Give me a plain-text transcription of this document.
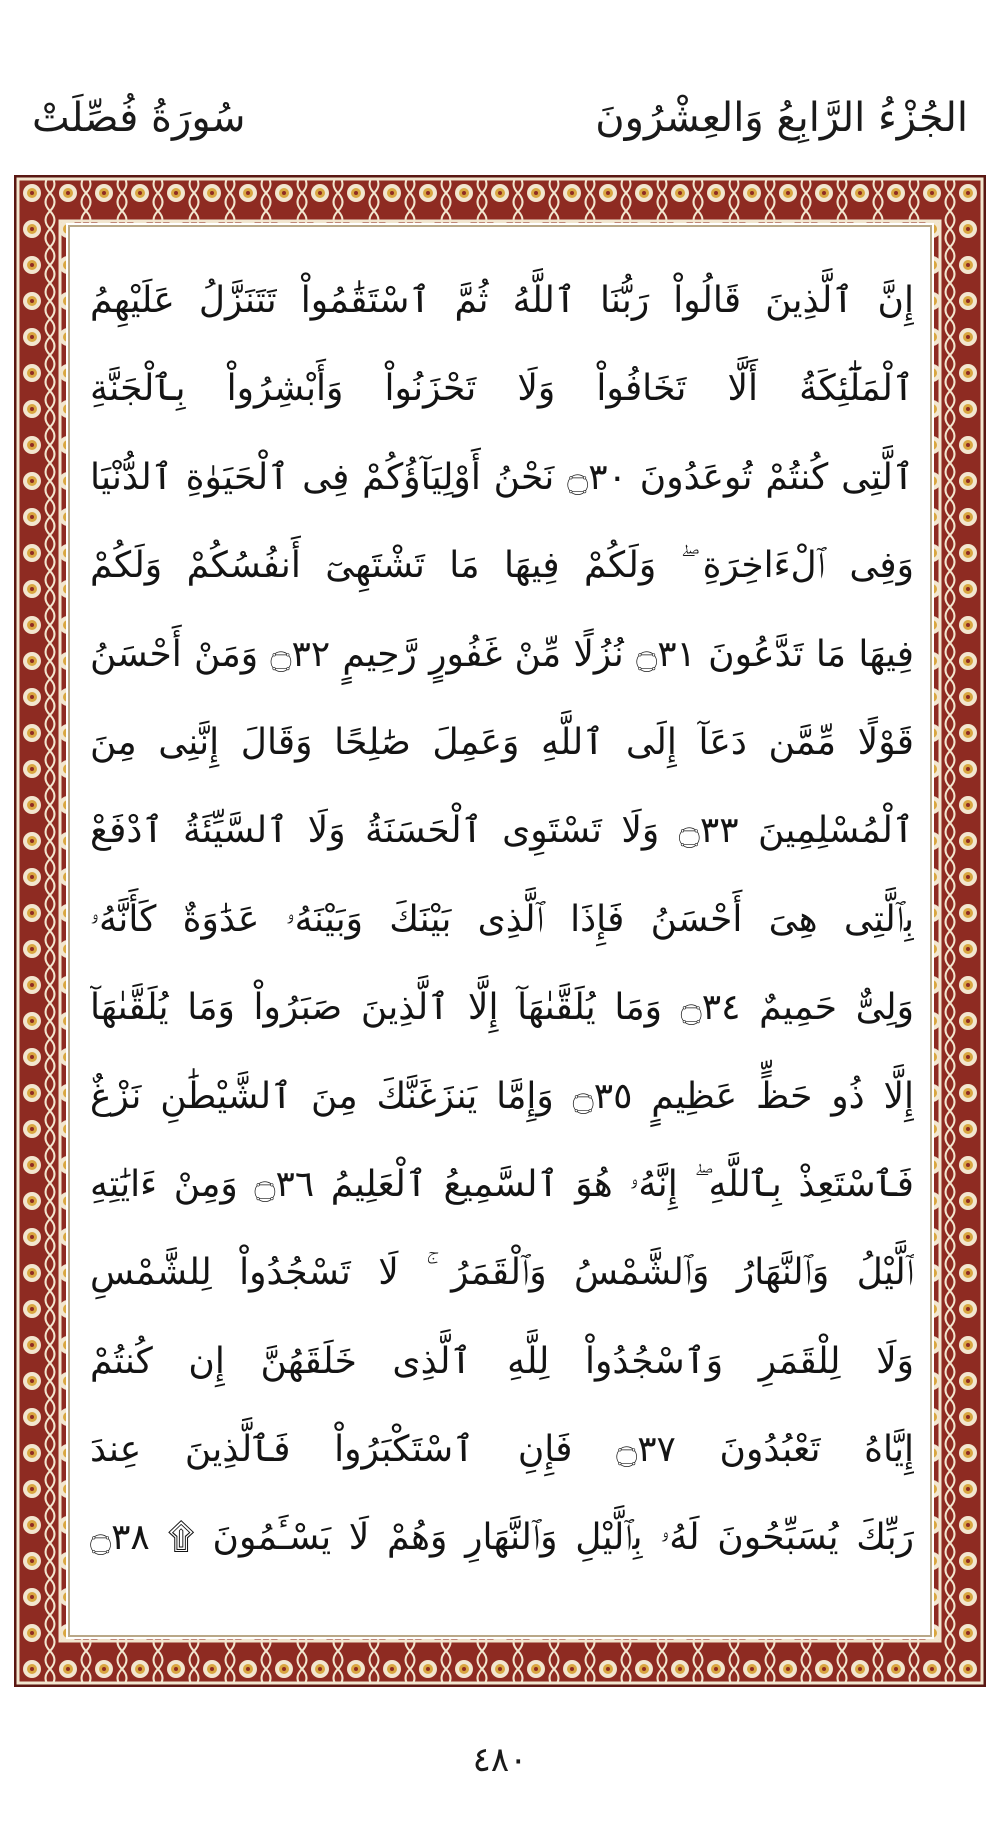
الجُزْءُ الرَّابِعُ وَالعِشْرُونَ
سُورَةُ فُصِّلَتْ
إِنَّ ٱلَّذِينَ قَالُواْ رَبُّنَا ٱللَّهُ ثُمَّ ٱسْتَقَٰمُواْ تَتَنَزَّلُ عَلَيْهِمُ
ٱلْمَلَٰٓئِكَةُ أَلَّا تَخَافُواْ وَلَا تَحْزَنُواْ وَأَبْشِرُواْ بِٱلْجَنَّةِ
ٱلَّتِى كُنتُمْ تُوعَدُونَ ۝٣٠ نَحْنُ أَوْلِيَآؤُكُمْ فِى ٱلْحَيَوٰةِ ٱلدُّنْيَا
وَفِى ٱلْءَاخِرَةِ ۖ وَلَكُمْ فِيهَا مَا تَشْتَهِىٓ أَنفُسُكُمْ وَلَكُمْ
فِيهَا مَا تَدَّعُونَ ۝٣١ نُزُلًا مِّنْ غَفُورٍ رَّحِيمٍ ۝٣٢ وَمَنْ أَحْسَنُ
قَوْلًا مِّمَّن دَعَآ إِلَى ٱللَّهِ وَعَمِلَ صَٰلِحًا وَقَالَ إِنَّنِى مِنَ
ٱلْمُسْلِمِينَ ۝٣٣ وَلَا تَسْتَوِى ٱلْحَسَنَةُ وَلَا ٱلسَّيِّئَةُ ٱدْفَعْ
بِٱلَّتِى هِىَ أَحْسَنُ فَإِذَا ٱلَّذِى بَيْنَكَ وَبَيْنَهُۥ عَدَٰوَةٌ كَأَنَّهُۥ
وَلِىٌّ حَمِيمٌ ۝٣٤ وَمَا يُلَقَّىٰهَآ إِلَّا ٱلَّذِينَ صَبَرُواْ وَمَا يُلَقَّىٰهَآ
إِلَّا ذُو حَظٍّ عَظِيمٍ ۝٣٥ وَإِمَّا يَنزَغَنَّكَ مِنَ ٱلشَّيْطَٰنِ نَزْغٌ
فَٱسْتَعِذْ بِٱللَّهِ ۖ إِنَّهُۥ هُوَ ٱلسَّمِيعُ ٱلْعَلِيمُ ۝٣٦ وَمِنْ ءَايَٰتِهِ
ٱلَّيْلُ وَٱلنَّهَارُ وَٱلشَّمْسُ وَٱلْقَمَرُ ۚ لَا تَسْجُدُواْ لِلشَّمْسِ
وَلَا لِلْقَمَرِ وَٱسْجُدُواْ لِلَّهِ ٱلَّذِى خَلَقَهُنَّ إِن كُنتُمْ
إِيَّاهُ تَعْبُدُونَ ۝٣٧ فَإِنِ ٱسْتَكْبَرُواْ فَٱلَّذِينَ عِندَ
رَبِّكَ يُسَبِّحُونَ لَهُۥ بِٱلَّيْلِ وَٱلنَّهَارِ وَهُمْ لَا يَسْـَٔمُونَ ۩ ۝٣٨
٤٨٠
